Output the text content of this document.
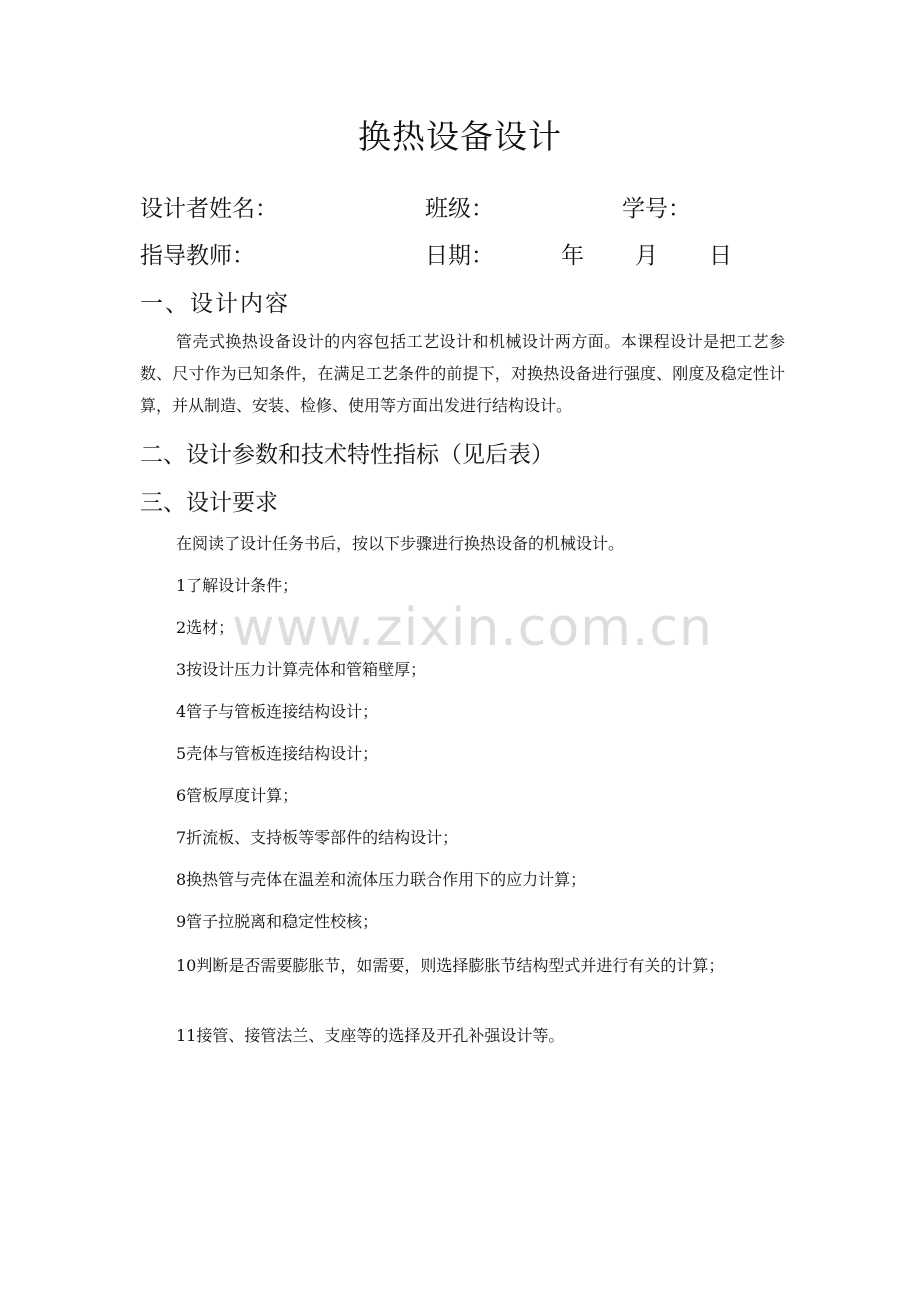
换热设备设计
设计者姓名：	班级：	学号：
指导教师：	日期：	年 月 日
一、设计内容

管壳式换热设备设计的内容包括工艺设计和机械设计两方面。本课程设计是把工艺参数、尺寸作为已知条件，在满足工艺条件的前提下，对换热设备进行强度、刚度及稳定性计算，并从制造、安装、检修、使用等方面出发进行结构设计。

二、设计参数和技术特性指标（见后表）
三、设计要求
在阅读了设计任务书后，按以下步骤进行换热设备的机械设计。
1了解设计条件；
2选材；
3按设计压力计算壳体和管箱壁厚；
4管子与管板连接结构设计；
5壳体与管板连接结构设计；
6管板厚度计算；
7折流板、支持板等零部件的结构设计；
8换热管与壳体在温差和流体压力联合作用下的应力计算；
9管子拉脱离和稳定性校核；

10判断是否需要膨胀节，如需要，则选择膨胀节结构型式并进行有关的计算；

11接管、接管法兰、支座等的选择及开孔补强设计等。
www.zixin.com.cn
